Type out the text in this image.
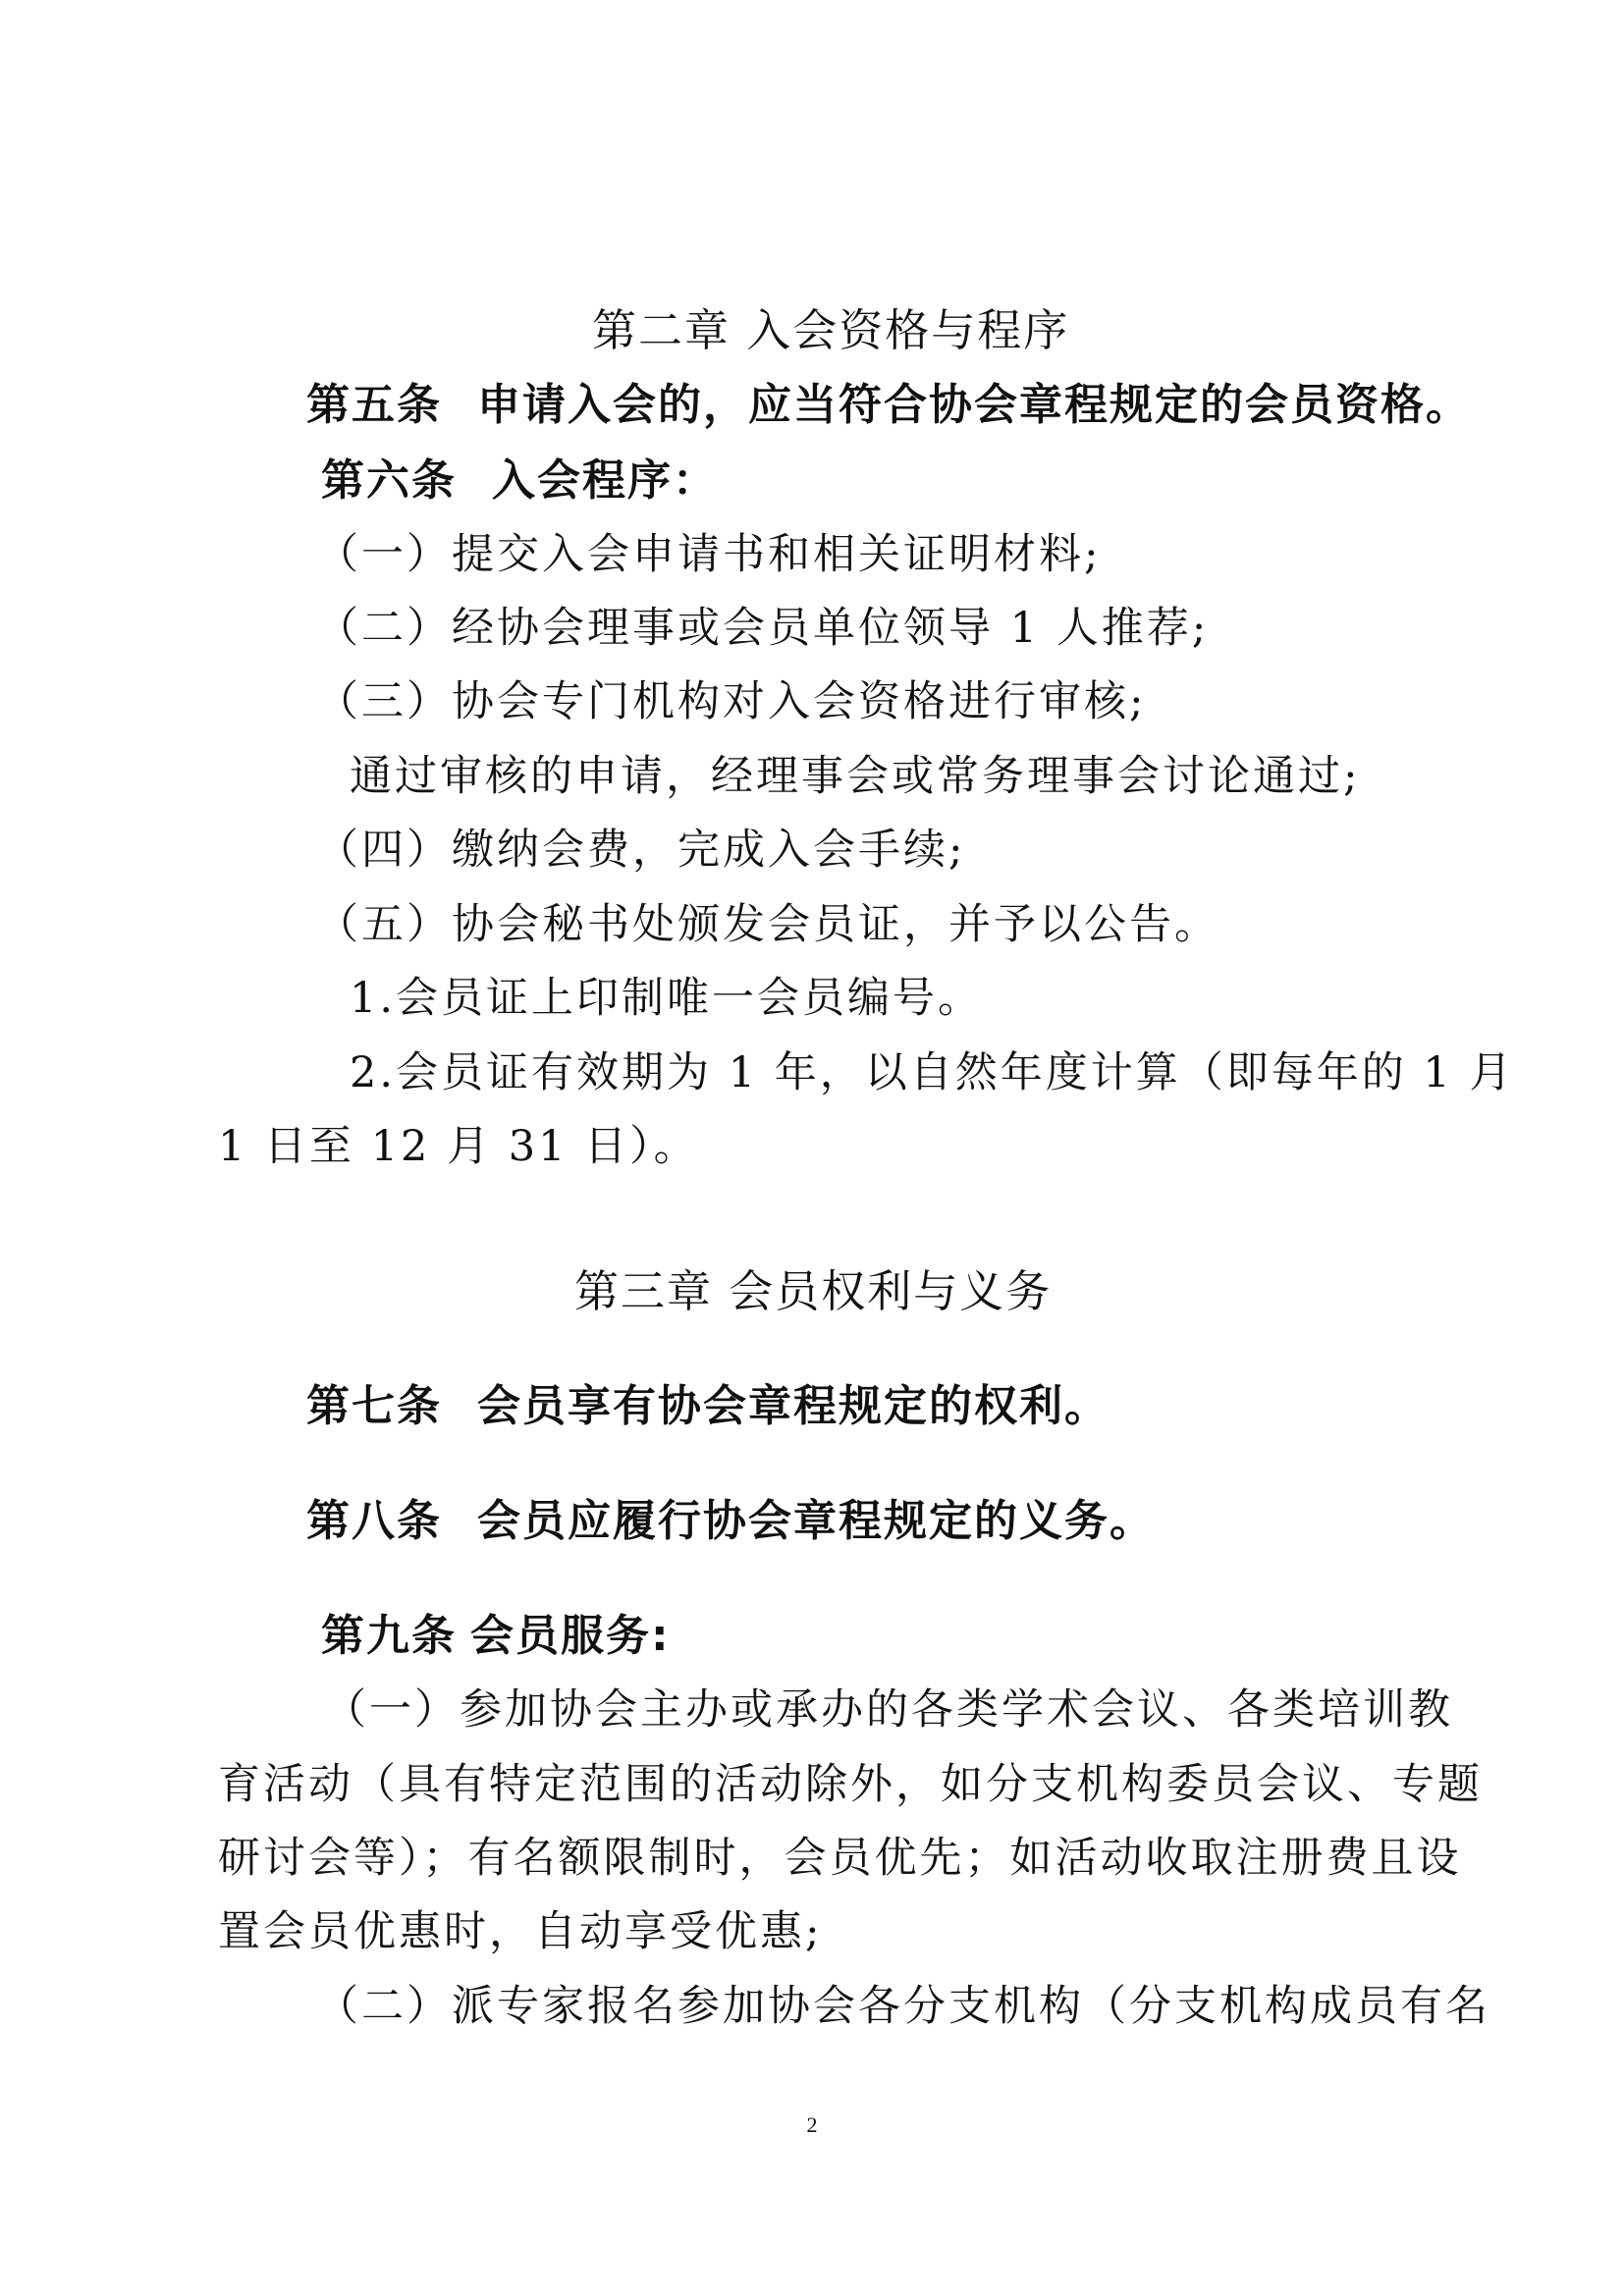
第二章 入会资格与程序
第五条 申请入会的，应当符合协会章程规定的会员资格。
第六条 入会程序：
（一）提交入会申请书和相关证明材料;
（二）经协会理事或会员单位领导 1 人推荐;
（三）协会专门机构对入会资格进行审核;
通过审核的申请，经理事会或常务理事会讨论通过;
（四）缴纳会费，完成入会手续;
（五）协会秘书处颁发会员证，并予以公告。
1.会员证上印制唯一会员编号。
2.会员证有效期为 1 年，以自然年度计算（即每年的 1 月
1 日至 12 月 31 日）。
第三章 会员权利与义务
第七条 会员享有协会章程规定的权利。
第八条 会员应履行协会章程规定的义务。
第九条 会员服务:
（一）参加协会主办或承办的各类学术会议、各类培训教
育活动（具有特定范围的活动除外，如分支机构委员会议、专题
研讨会等）；有名额限制时，会员优先；如活动收取注册费且设
置会员优惠时，自动享受优惠;
（二）派专家报名参加协会各分支机构（分支机构成员有名
2
